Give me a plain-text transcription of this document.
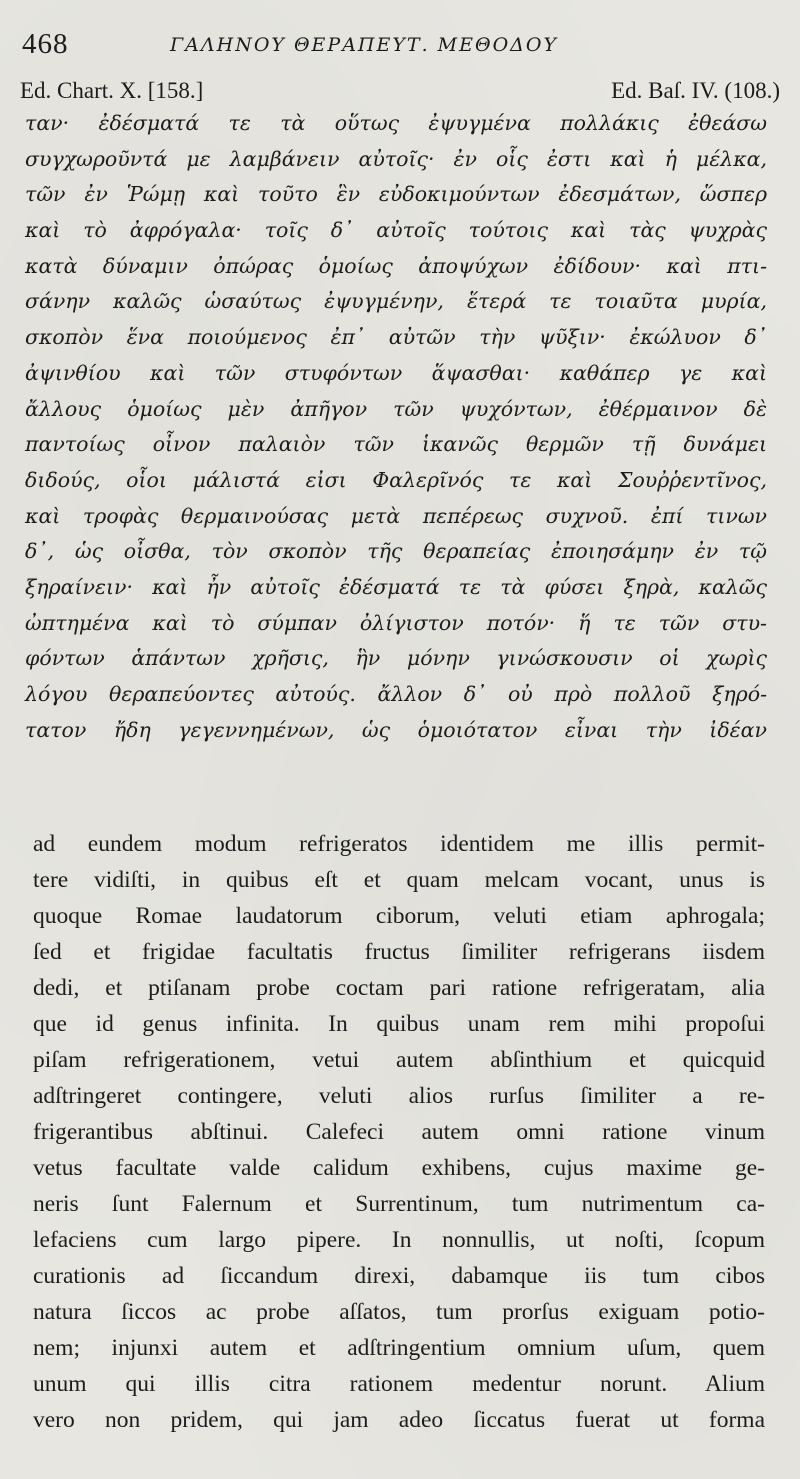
468	ΓΑΛΗΝΟΥ ΘΕΡΑΠΕΥΤ. ΜΕΘΟΔΟΥ
Ed. Chart. X. [158.]	Ed. Baſ. IV. (108.)
ταν· ἐδέσματά τε τὰ οὕτως ἐψυγμένα πολλάκις ἐθεάσω
συγχωροῦντά με λαμβάνειν αὐτοῖς· ἐν οἷς ἐστι καὶ ἡ μέλκα,
τῶν ἐν Ῥώμῃ καὶ τοῦτο ἓν εὐδοκιμούντων ἐδεσμάτων, ὥσπερ
καὶ τὸ ἀφρόγαλα· τοῖς δ᾽ αὐτοῖς τούτοις καὶ τὰς ψυχρὰς
κατὰ δύναμιν ὀπώρας ὁμοίως ἀποψύχων ἐδίδουν· καὶ πτι-
σάνην καλῶς ὡσαύτως ἐψυγμένην, ἕτερά τε τοιαῦτα μυρία,
σκοπὸν ἕνα ποιούμενος ἐπ᾽ αὐτῶν τὴν ψῦξιν· ἐκώλυον δ᾽
ἀψινθίου καὶ τῶν στυφόντων ἅψασθαι· καθάπερ γε καὶ
ἄλλους ὁμοίως μὲν ἀπῆγον τῶν ψυχόντων, ἐθέρμαινον δὲ
παντοίως οἶνον παλαιὸν τῶν ἱκανῶς θερμῶν τῇ δυνάμει
διδούς, οἷοι μάλιστά εἰσι Φαλερῖνός τε καὶ Σουῤῥεντῖνος,
καὶ τροφὰς θερμαινούσας μετὰ πεπέρεως συχνοῦ. ἐπί τινων
δ᾽, ὡς οἶσθα, τὸν σκοπὸν τῆς θεραπείας ἐποιησάμην ἐν τῷ
ξηραίνειν· καὶ ἦν αὐτοῖς ἐδέσματά τε τὰ φύσει ξηρὰ, καλῶς
ὠπτημένα καὶ τὸ σύμπαν ὀλίγιστον ποτόν· ἥ τε τῶν στυ-
φόντων ἁπάντων χρῆσις, ἣν μόνην γινώσκουσιν οἱ χωρὶς
λόγου θεραπεύοντες αὐτούς. ἄλλον δ᾽ οὐ πρὸ πολλοῦ ξηρό-
τατον ἤδη γεγεννημένων, ὡς ὁμοιότατον εἶναι τὴν ἰδέαν
ad eundem modum refrigeratos identidem me illis permit-
tere vidiſti, in quibus eſt et quam melcam vocant, unus is
quoque Romae laudatorum ciborum, veluti etiam aphrogala;
ſed et frigidae facultatis fructus ſimiliter refrigerans iisdem
dedi, et ptiſanam probe coctam pari ratione refrigeratam, alia
que id genus infinita. In quibus unam rem mihi propoſui
piſam refrigerationem, vetui autem abſinthium et quicquid
adſtringeret contingere, veluti alios rurſus ſimiliter a re-
frigerantibus abſtinui. Calefeci autem omni ratione vinum
vetus facultate valde calidum exhibens, cujus maxime ge-
neris ſunt Falernum et Surrentinum, tum nutrimentum ca-
lefaciens cum largo pipere. In nonnullis, ut noſti, ſcopum
curationis ad ſiccandum direxi, dabamque iis tum cibos
natura ſiccos ac probe aſſatos, tum prorſus exiguam potio-
nem; injunxi autem et adſtringentium omnium uſum, quem
unum qui illis citra rationem medentur norunt. Alium
vero non pridem, qui jam adeo ſiccatus fuerat ut forma
